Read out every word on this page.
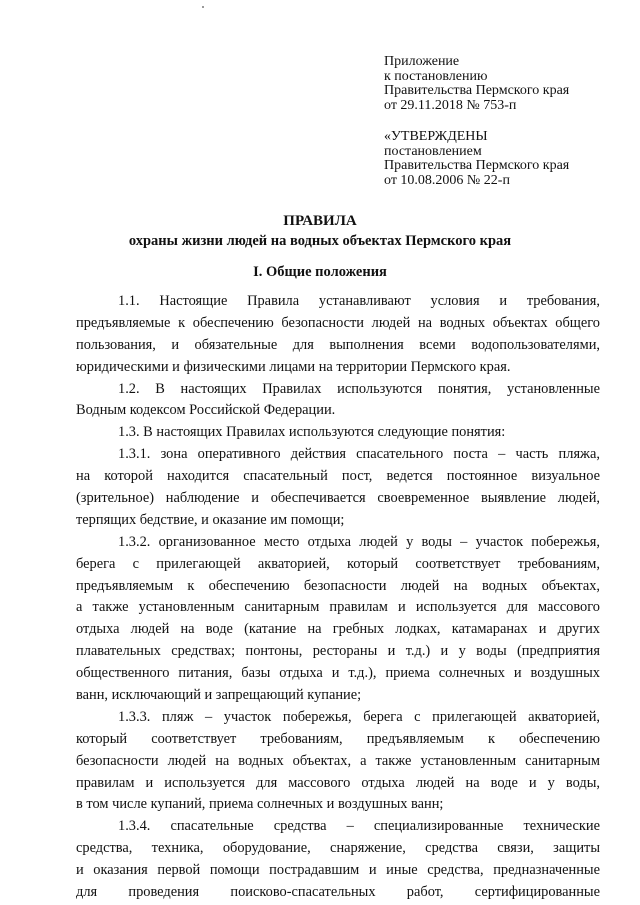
Приложение
к постановлению
Правительства Пермского края
от 29.11.2018 № 753-п
«УТВЕРЖДЕНЫ
постановлением
Правительства Пермского края
от 10.08.2006 № 22-п
ПРАВИЛА
охраны жизни людей на водных объектах Пермского края
I. Общие положения
1.1. Настоящие Правила устанавливают условия и требования,
предъявляемые к обеспечению безопасности людей на водных объектах общего
пользования, и обязательные для выполнения всеми водопользователями,
юридическими и физическими лицами на территории Пермского края.
1.2. В настоящих Правилах используются понятия, установленные
Водным кодексом Российской Федерации.
1.3. В настоящих Правилах используются следующие понятия:
1.3.1. зона оперативного действия спасательного поста – часть пляжа,
на которой находится спасательный пост, ведется постоянное визуальное
(зрительное) наблюдение и обеспечивается своевременное выявление людей,
терпящих бедствие, и оказание им помощи;
1.3.2. организованное место отдыха людей у воды – участок побережья,
берега с прилегающей акваторией, который соответствует требованиям,
предъявляемым к обеспечению безопасности людей на водных объектах,
а также установленным санитарным правилам и используется для массового
отдыха людей на воде (катание на гребных лодках, катамаранах и других
плавательных средствах; понтоны, рестораны и т.д.) и у воды (предприятия
общественного питания, базы отдыха и т.д.), приема солнечных и воздушных
ванн, исключающий и запрещающий купание;
1.3.3. пляж – участок побережья, берега с прилегающей акваторией,
который соответствует требованиям, предъявляемым к обеспечению
безопасности людей на водных объектах, а также установленным санитарным
правилам и используется для массового отдыха людей на воде и у воды,
в том числе купаний, приема солнечных и воздушных ванн;
1.3.4. спасательные средства – специализированные технические
средства, техника, оборудование, снаряжение, средства связи, защиты
и оказания первой помощи пострадавшим и иные средства, предназначенные
для проведения поисково-спасательных работ, сертифицированные
